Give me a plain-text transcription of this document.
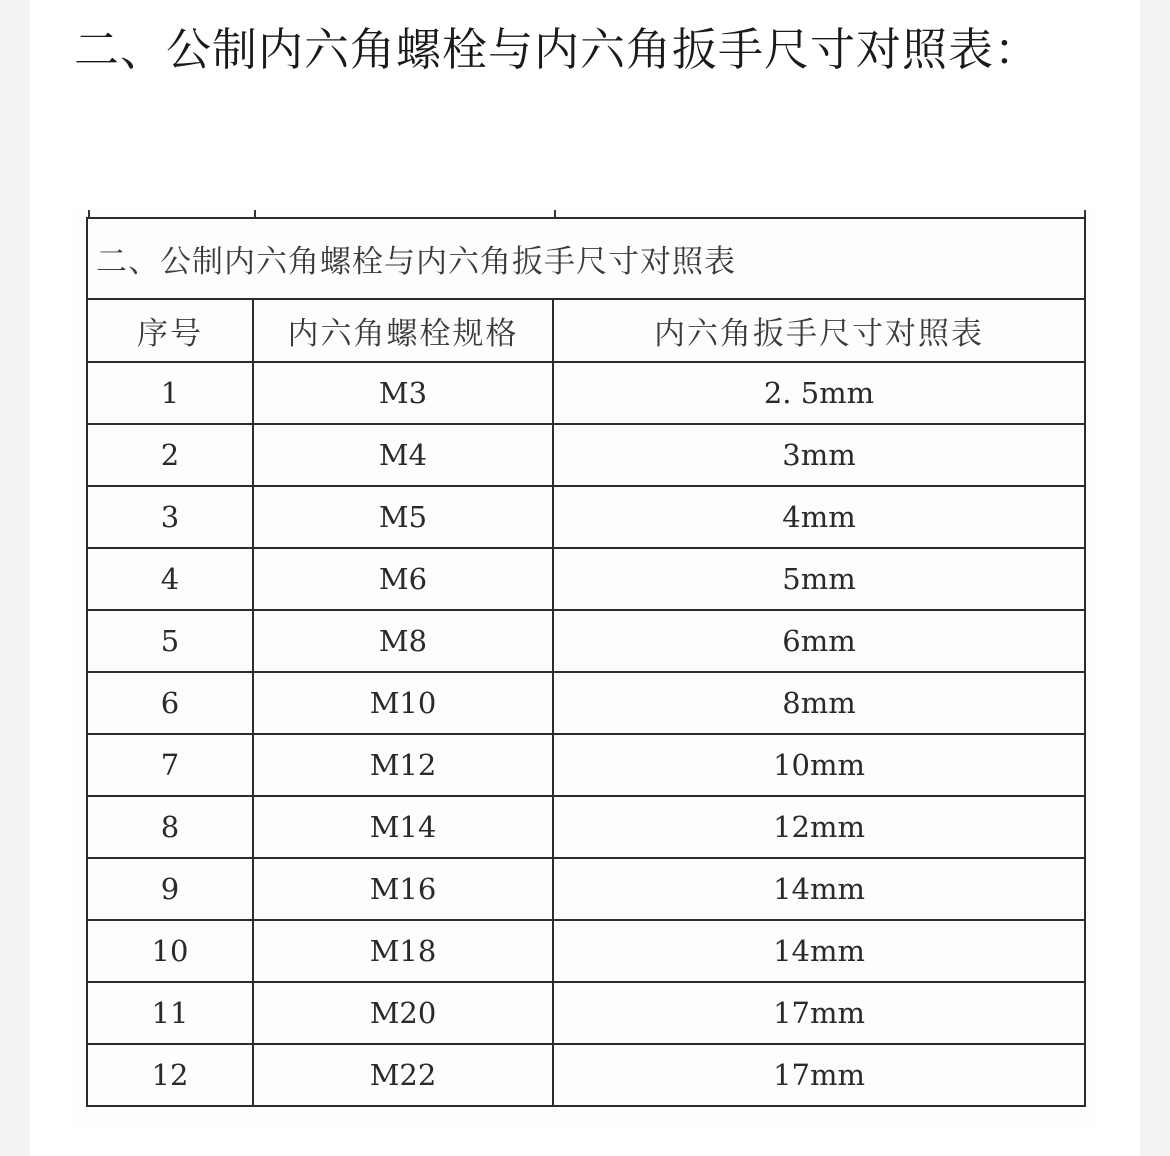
二、公制内六角螺栓与内六角扳手尺寸对照表：
二、公制内六角螺栓与内六角扳手尺寸对照表		
序号	内六角螺栓规格	内六角扳手尺寸对照表
1	M3	2. 5mm
2	M4	3mm
3	M5	4mm
4	M6	5mm
5	M8	6mm
6	M10	8mm
7	M12	10mm
8	M14	12mm
9	M16	14mm
10	M18	14mm
11	M20	17mm
12	M22	17mm
